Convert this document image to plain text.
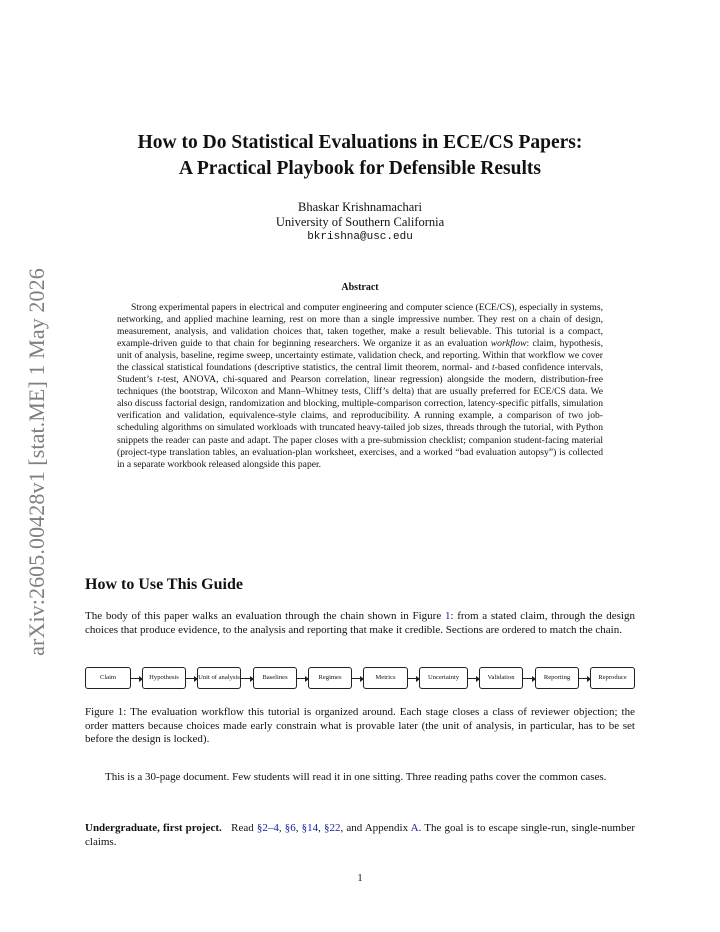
arXiv:2605.00428v1 [stat.ME] 1 May 2026
How to Do Statistical Evaluations in ECE/CS Papers:
A Practical Playbook for Defensible Results
Bhaskar Krishnamachari
University of Southern California
bkrishna@usc.edu
Abstract

Strong experimental papers in electrical and computer engineering and computer science (ECE/CS), especially in systems, networking, and applied machine learning, rest on more than a single impressive number. They rest on a chain of design, measurement, analysis, and validation choices that, taken together, make a result believable. This tutorial is a compact, example-driven guide to that chain for beginning researchers. We organize it as an evaluation workflow: claim, hypothesis, unit of analysis, baseline, regime sweep, uncertainty estimate, validation check, and reporting. Within that workflow we cover the classical statistical foundations (descriptive statistics, the central limit theorem, normal- and t-based confidence intervals, Student’s t-test, ANOVA, chi-squared and Pearson correlation, linear regression) alongside the modern, distribution-free techniques (the bootstrap, Wilcoxon and Mann–Whitney tests, Cliff’s delta) that are usually preferred for ECE/CS data. We also discuss factorial design, randomization and blocking, multiple-comparison correction, latency-specific pitfalls, simulation verification and validation, equivalence-style claims, and reproducibility. A running example, a comparison of two job-scheduling algorithms on simulated workloads with truncated heavy-tailed job sizes, threads through the tutorial, with Python snippets the reader can paste and adapt. The paper closes with a pre-submission checklist; companion student-facing material (project-type translation tables, an evaluation-plan worksheet, exercises, and a worked “bad evaluation autopsy”) is collected in a separate workbook released alongside this paper.

How to Use This Guide

The body of this paper walks an evaluation through the chain shown in Figure 1: from a stated claim, through the design choices that produce evidence, to the analysis and reporting that make it credible. Sections are ordered to match the chain.

Claim	Hypothesis	Unit of analysis	Baselines	Regimes	Metrics	Uncertainty	Validation	Reporting	Reproduce

Figure 1: The evaluation workflow this tutorial is organized around. Each stage closes a class of reviewer objection; the order matters because choices made early constrain what is provable later (the unit of analysis, in particular, has to be set before the design is locked).

This is a 30-page document. Few students will read it in one sitting. Three reading paths cover the common cases.

Undergraduate, first project. Read §2–4, §6, §14, §22, and Appendix A. The goal is to escape single-run, single-number claims.

1
